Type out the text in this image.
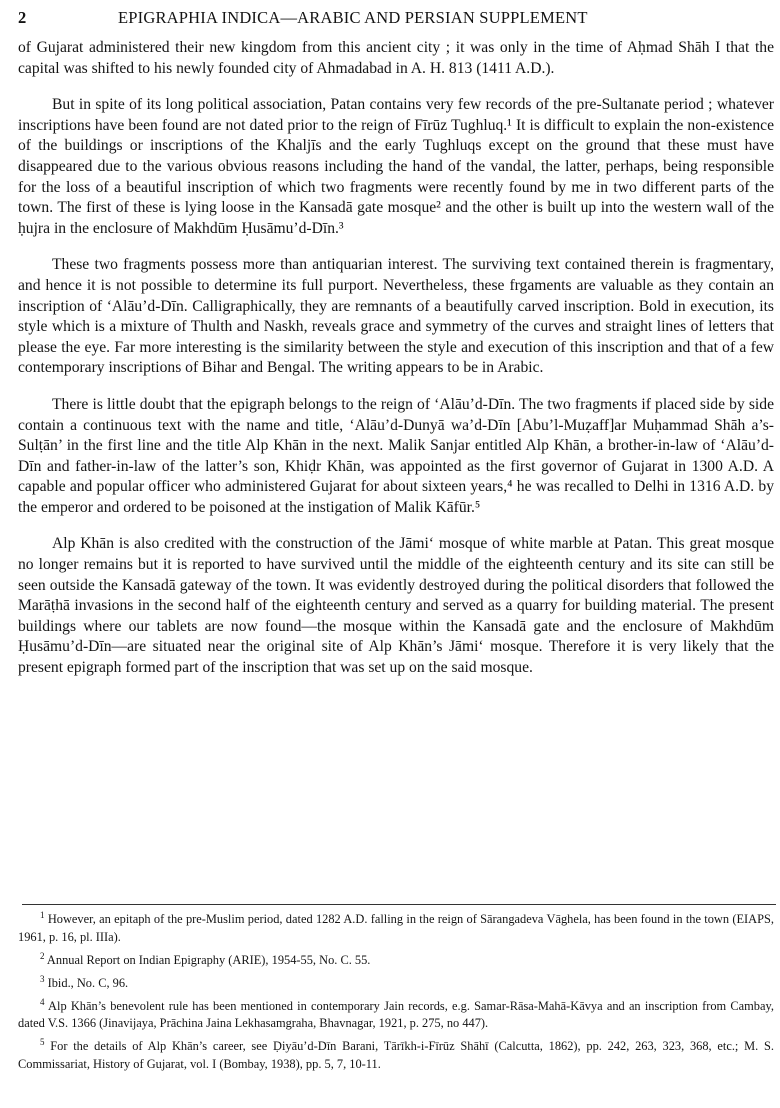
2	EPIGRAPHIA INDICA—ARABIC AND PERSIAN SUPPLEMENT

of Gujarat administered their new kingdom from this ancient city ; it was only in the time of Aḥmad Shāh I that the capital was shifted to his newly founded city of Ahmadabad in A. H. 813 (1411 A.D.).

But in spite of its long political association, Patan contains very few records of the pre-Sultanate period ; whatever inscriptions have been found are not dated prior to the reign of Fīrūz Tughluq.¹ It is difficult to explain the non-existence of the buildings or inscriptions of the Khaljīs and the early Tughluqs except on the ground that these must have disappeared due to the various obvious reasons including the hand of the vandal, the latter, perhaps, being responsible for the loss of a beautiful inscription of which two fragments were recently found by me in two different parts of the town. The first of these is lying loose in the Kansadā gate mosque² and the other is built up into the western wall of the ḥujra in the enclosure of Makhdūm Ḥusāmu’d-Dīn.³

These two fragments possess more than antiquarian interest. The surviving text contained therein is fragmentary, and hence it is not possible to determine its full purport. Nevertheless, these frgaments are valuable as they contain an inscription of ‘Alāu’d-Dīn. Calligraphically, they are remnants of a beautifully carved inscription. Bold in execution, its style which is a mixture of Thulth and Naskh, reveals grace and symmetry of the curves and straight lines of letters that please the eye. Far more interesting is the similarity between the style and execution of this inscription and that of a few contemporary inscriptions of Bihar and Bengal. The writing appears to be in Arabic.

There is little doubt that the epigraph belongs to the reign of ‘Alāu’d-Dīn. The two fragments if placed side by side contain a continuous text with the name and title, ‘Alāu’d-Dunyā wa’d-Dīn [Abu’l-Muẓaff]ar Muḥammad Shāh a’s-Sulṭān’ in the first line and the title Alp Khān in the next. Malik Sanjar entitled Alp Khān, a brother-in-law of ‘Alāu’d-Dīn and father-in-law of the latter’s son, Khiḍr Khān, was appointed as the first governor of Gujarat in 1300 A.D. A capable and popular officer who administered Gujarat for about sixteen years,⁴ he was recalled to Delhi in 1316 A.D. by the emperor and ordered to be poisoned at the instigation of Malik Kāfūr.⁵

Alp Khān is also credited with the construction of the Jāmi‘ mosque of white marble at Patan. This great mosque no longer remains but it is reported to have survived until the middle of the eighteenth century and its site can still be seen outside the Kansadā gateway of the town. It was evidently destroyed during the political disorders that followed the Marāṭhā invasions in the second half of the eighteenth century and served as a quarry for building material. The present buildings where our tablets are now found—the mosque within the Kansadā gate and the enclosure of Makhdūm Ḥusāmu’d-Dīn—are situated near the original site of Alp Khān’s Jāmi‘ mosque. Therefore it is very likely that the present epigraph formed part of the inscription that was set up on the said mosque.

$^1$ However, an epitaph of the pre-Muslim period, dated 1282 A.D. falling in the reign of Sārangadeva Vāghela, has been found in the town (EIAPS, 1961, p. 16, pl. IIIa).

$^2$ Annual Report on Indian Epigraphy (ARIE), 1954-55, No. C. 55.

$^3$ Ibid., No. C, 96.

$^4$ Alp Khān’s benevolent rule has been mentioned in contemporary Jain records, e.g. Samar-Rāsa-Mahā-Kāvya and an inscription from Cambay, dated V.S. 1366 (Jinavijaya, Prāchina Jaina Lekhasamgraha, Bhavnagar, 1921, p. 275, no 447).

$^5$ For the details of Alp Khān’s career, see Ḍiyāu’d-Dīn Barani, Tārīkh-i-Fīrūz Shāhī (Calcutta, 1862), pp. 242, 263, 323, 368, etc.; M. S. Commissariat, History of Gujarat, vol. I (Bombay, 1938), pp. 5, 7, 10-11.
